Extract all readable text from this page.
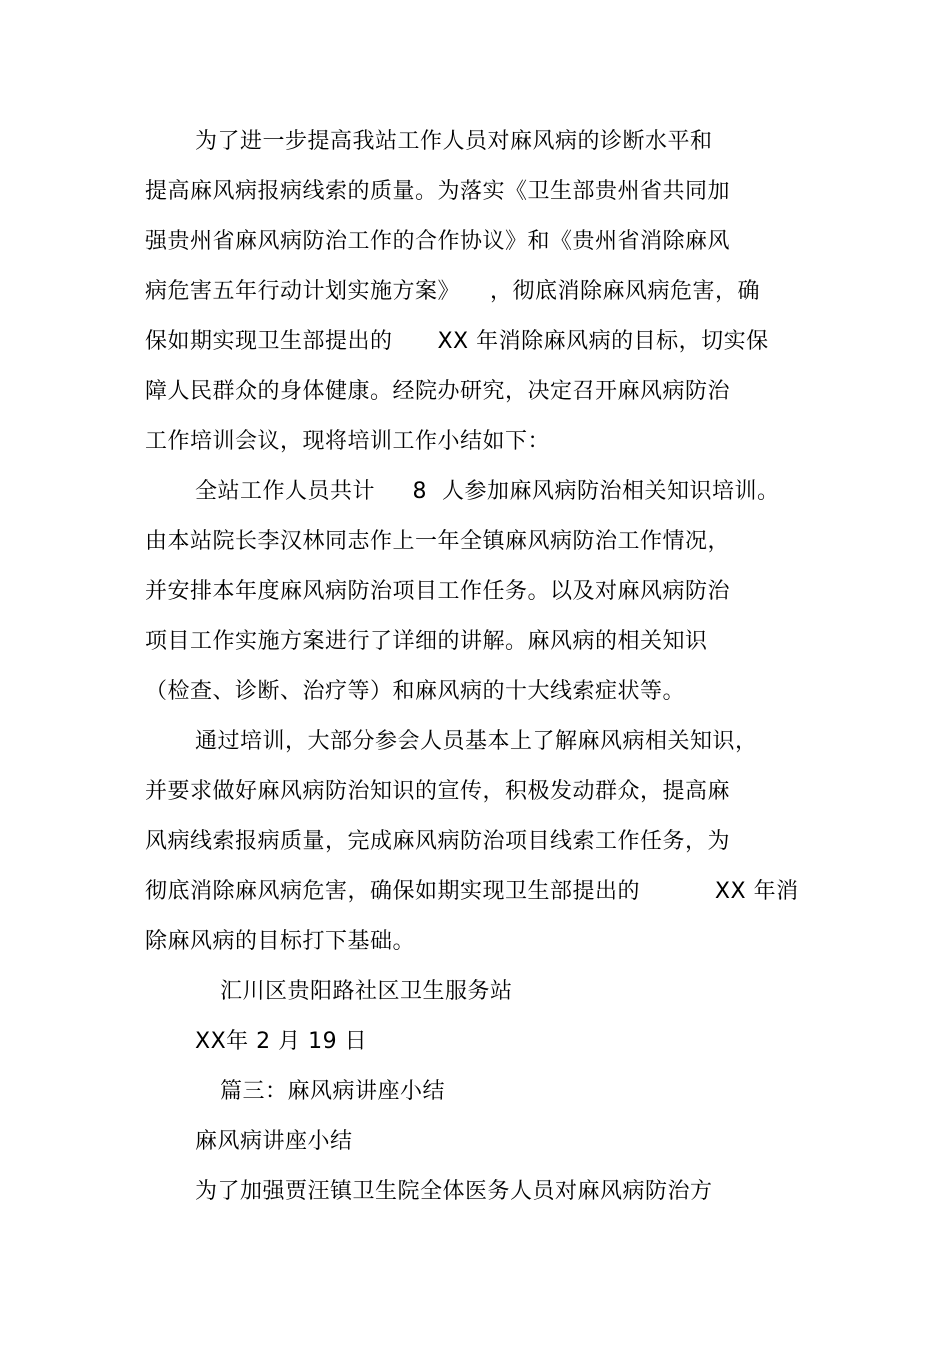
为了进一步提高我站工作人员对麻风病的诊断水平和
提高麻风病报病线索的质量。为落实《卫生部贵州省共同加
强贵州省麻风病防治工作的合作协议》和《贵州省消除麻风
病危害五年行动计划实施方案》    ，彻底消除麻风病危害，确
保如期实现卫生部提出的      XX 年消除麻风病的目标，切实保
障人民群众的身体健康。经院办研究，决定召开麻风病防治
工作培训会议，现将培训工作小结如下：
全站工作人员共计     8  人参加麻风病防治相关知识培训。
由本站院长李汉林同志作上一年全镇麻风病防治工作情况，
并安排本年度麻风病防治项目工作任务。以及对麻风病防治
项目工作实施方案进行了详细的讲解。麻风病的相关知识
（检查、诊断、治疗等）和麻风病的十大线索症状等。
通过培训，大部分参会人员基本上了解麻风病相关知识，
并要求做好麻风病防治知识的宣传，积极发动群众，提高麻
风病线索报病质量，完成麻风病防治项目线索工作任务，为
彻底消除麻风病危害，确保如期实现卫生部提出的          XX 年消
除麻风病的目标打下基础。
汇川区贵阳路社区卫生服务站
XX年 2 月 19 日
篇三：麻风病讲座小结
麻风病讲座小结
为了加强贾汪镇卫生院全体医务人员对麻风病防治方
